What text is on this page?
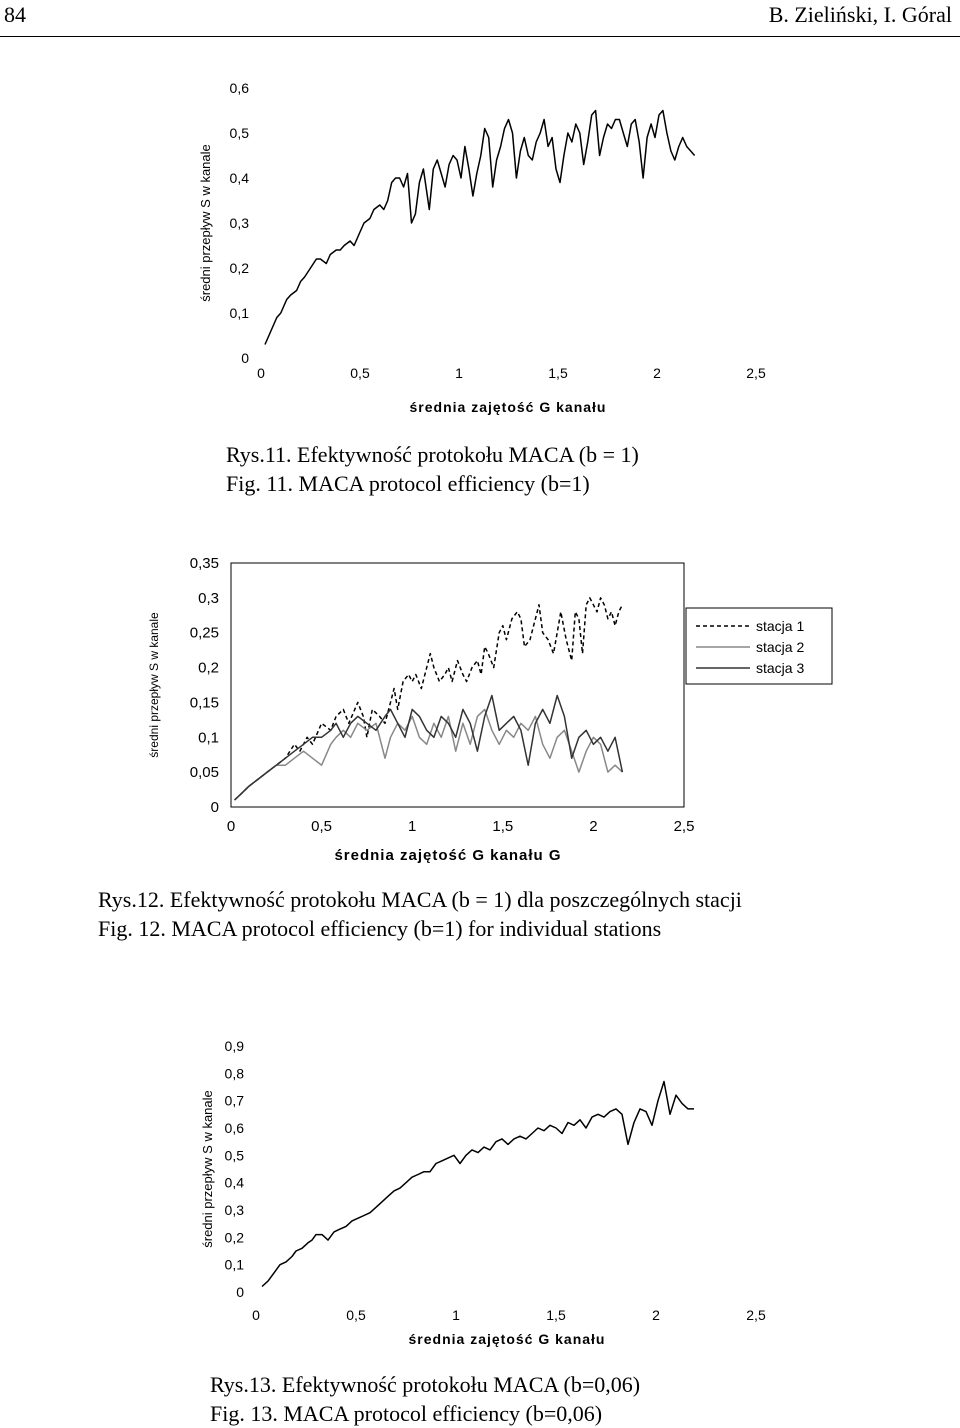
84	B. Zieliński, I. Góral
0
0,1
0,2
0,3
0,4
0,5
0,6
0	0,5	1	1,5	2	2,5
średnia zajętość G kanału
średni przepływ S w kanale
Rys.11. Efektywność protokołu MACA (b = 1)
Fig. 11. MACA protocol efficiency (b=1)
0
0,05
0,1
0,15
0,2
0,25
0,3
0,35
0	0,5	1	1,5	2	2,5
średnia zajętość G kanału G
średni przepływ S w kanale	stacja 1
stacja 2
stacja 3
Rys.12. Efektywność protokołu MACA (b = 1) dla poszczególnych stacji
Fig. 12. MACA protocol efficiency (b=1) for individual stations
0
0,1
0,2
0,3
0,4
0,5
0,6
0,7
0,8
0,9
0	0,5	1	1,5	2	2,5
średnia zajętość G kanału
średni przepływ S w kanale
Rys.13. Efektywność protokołu MACA (b=0,06)
Fig. 13. MACA protocol efficiency (b=0,06)
